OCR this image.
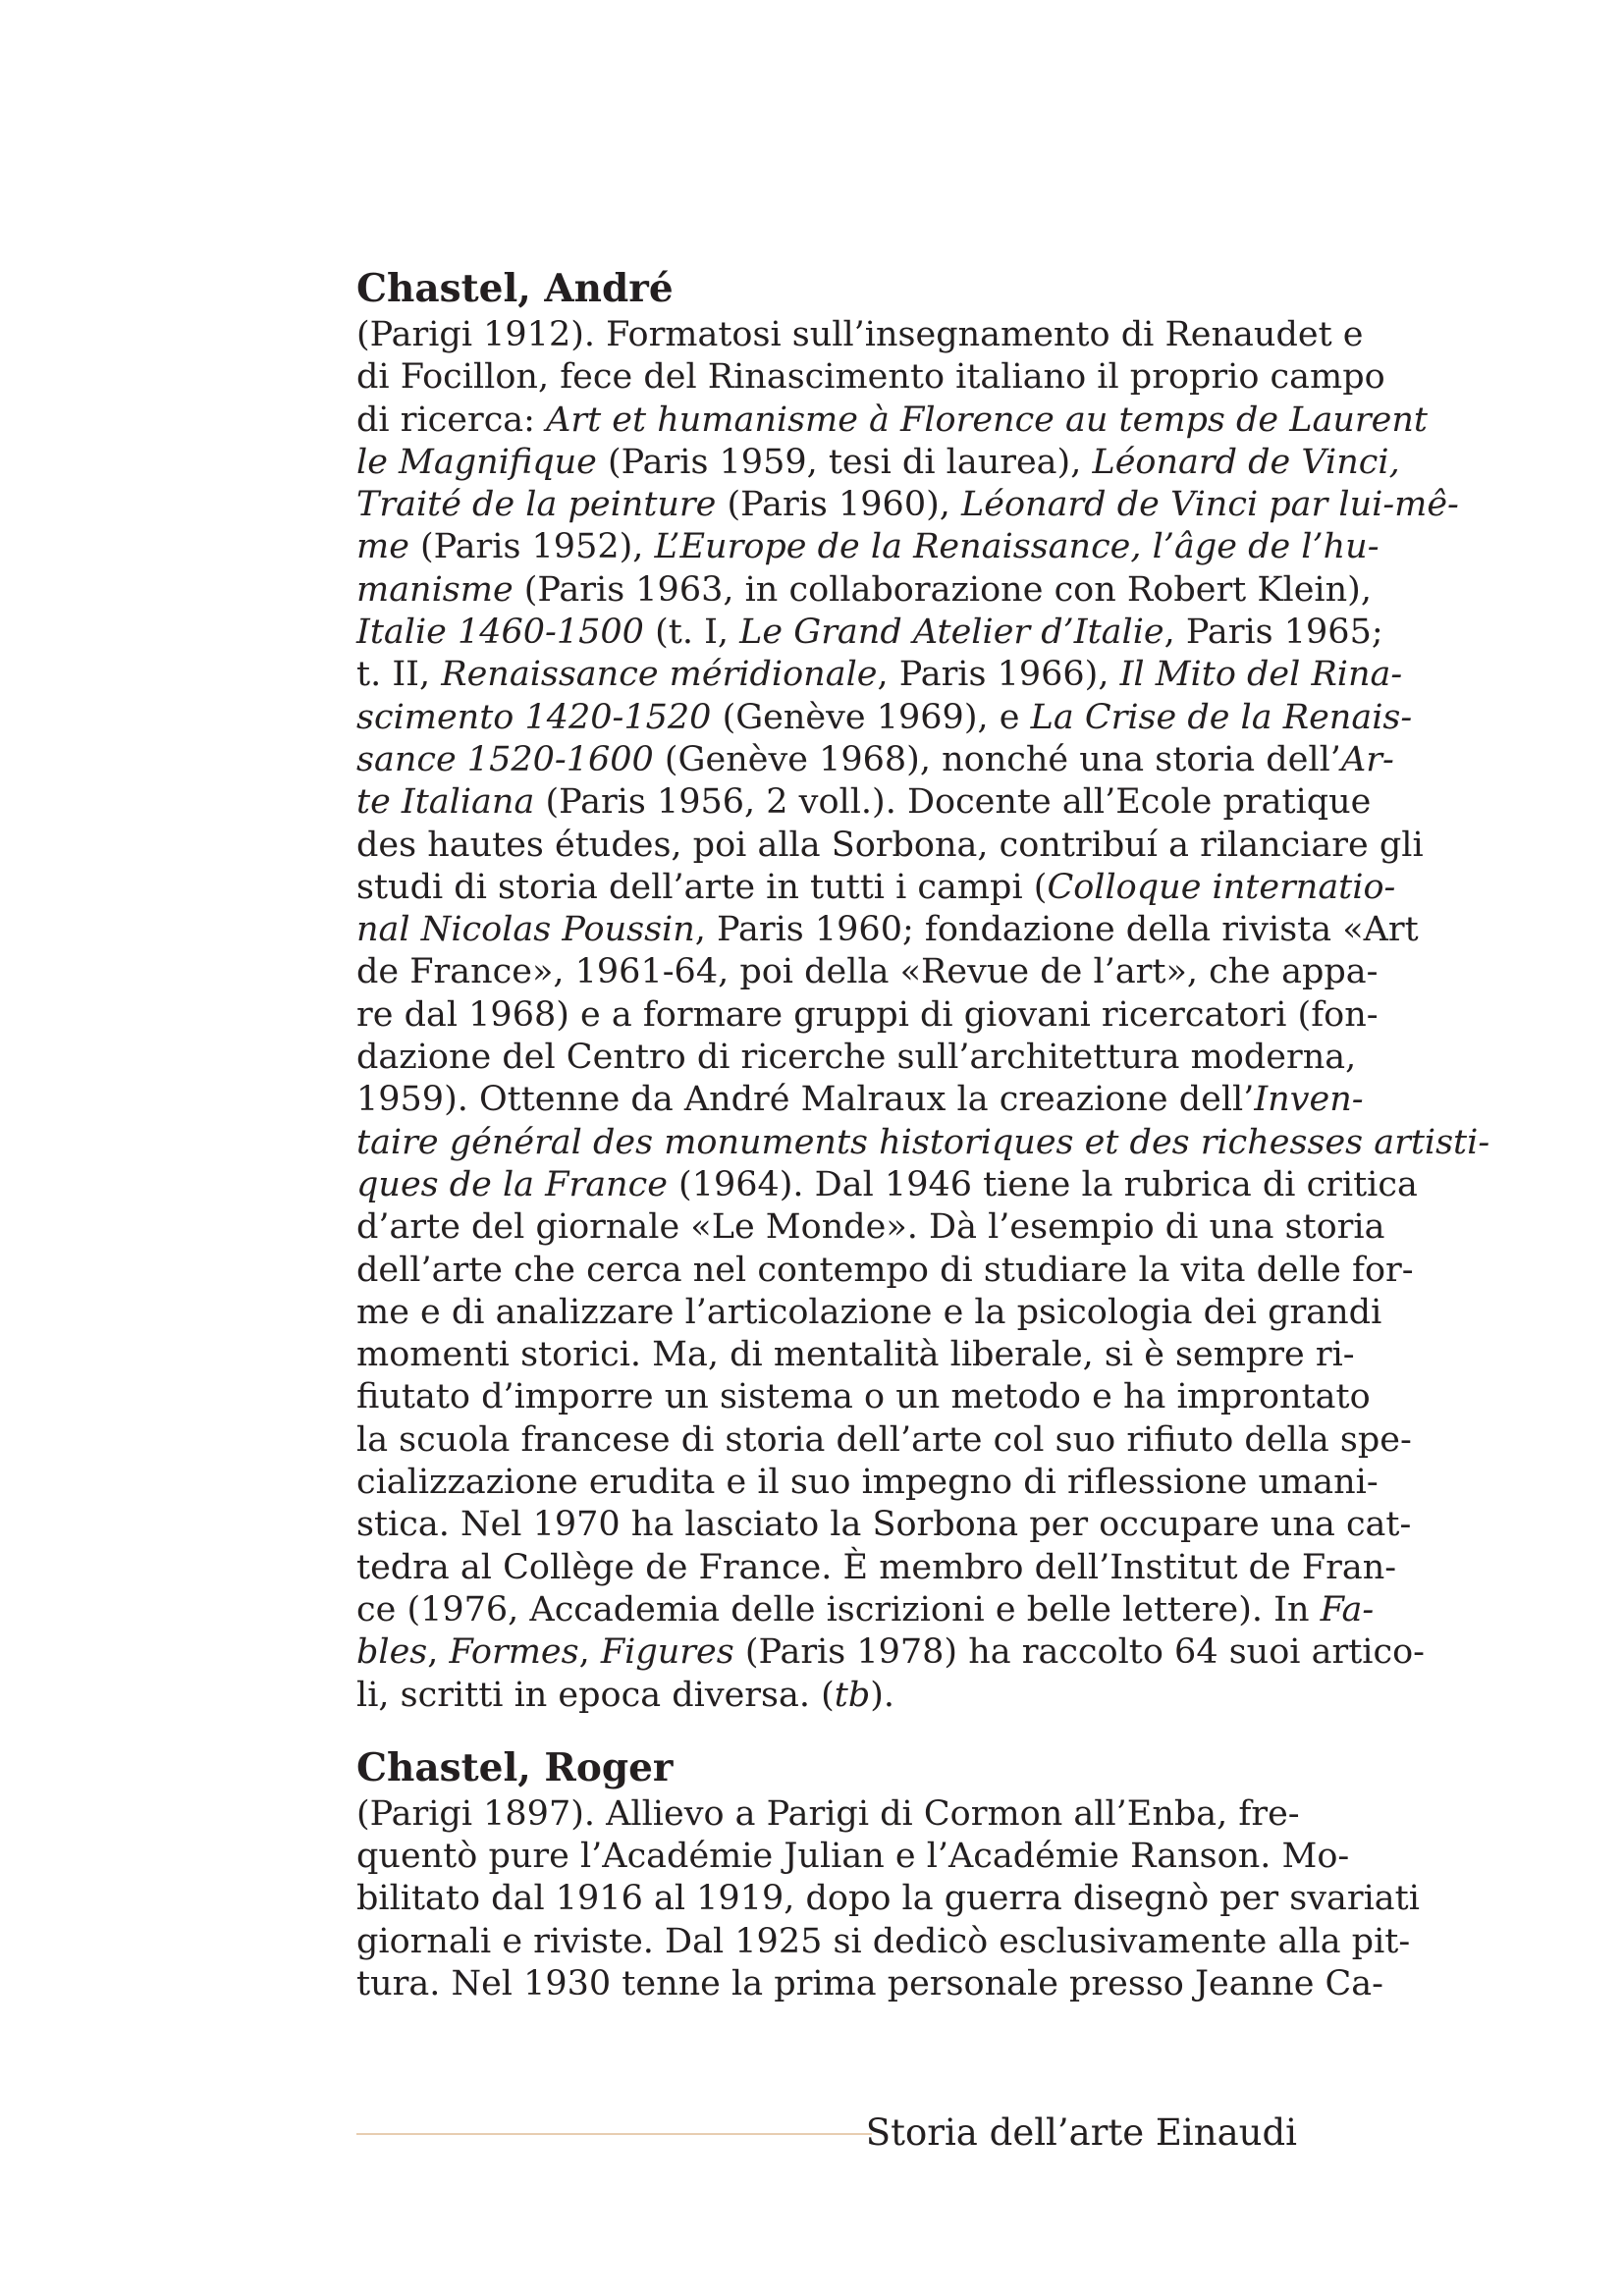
Chastel, André
(Parigi 1912). Formatosi sull’insegnamento di Renaudet e
di Focillon, fece del Rinascimento italiano il proprio campo
di ricerca: Art et humanisme à Florence au temps de Laurent
le Magnifique (Paris 1959, tesi di laurea), Léonard de Vinci,
Traité de la peinture (Paris 1960), Léonard de Vinci par lui-mê-
me (Paris 1952), L’Europe de la Renaissance, l’âge de l’hu-
manisme (Paris 1963, in collaborazione con Robert Klein),
Italie 1460-1500 (t. I, Le Grand Atelier d’Italie, Paris 1965;
t. II, Renaissance méridionale, Paris 1966), Il Mito del Rina-
scimento 1420-1520 (Genève 1969), e La Crise de la Renais-
sance 1520-1600 (Genève 1968), nonché una storia dell’Ar-
te Italiana (Paris 1956, 2 voll.). Docente all’Ecole pratique
des hautes études, poi alla Sorbona, contribuí a rilanciare gli
studi di storia dell’arte in tutti i campi (Colloque internatio-
nal Nicolas Poussin, Paris 1960; fondazione della rivista «Art
de France», 1961-64, poi della «Revue de l’art», che appa-
re dal 1968) e a formare gruppi di giovani ricercatori (fon-
dazione del Centro di ricerche sull’architettura moderna,
1959). Ottenne da André Malraux la creazione dell’Inven-
taire général des monuments historiques et des richesses artisti-
ques de la France (1964). Dal 1946 tiene la rubrica di critica
d’arte del giornale «Le Monde». Dà l’esempio di una storia
dell’arte che cerca nel contempo di studiare la vita delle for-
me e di analizzare l’articolazione e la psicologia dei grandi
momenti storici. Ma, di mentalità liberale, si è sempre ri-
fiutato d’imporre un sistema o un metodo e ha improntato
la scuola francese di storia dell’arte col suo rifiuto della spe-
cializzazione erudita e il suo impegno di riflessione umani-
stica. Nel 1970 ha lasciato la Sorbona per occupare una cat-
tedra al Collège de France. È membro dell’Institut de Fran-
ce (1976, Accademia delle iscrizioni e belle lettere). In Fa-
bles, Formes, Figures (Paris 1978) ha raccolto 64 suoi artico-
li, scritti in epoca diversa. (tb).
Chastel, Roger
(Parigi 1897). Allievo a Parigi di Cormon all’Enba, fre-
quentò pure l’Académie Julian e l’Académie Ranson. Mo-
bilitato dal 1916 al 1919, dopo la guerra disegnò per svariati
giornali e riviste. Dal 1925 si dedicò esclusivamente alla pit-
tura. Nel 1930 tenne la prima personale presso Jeanne Ca-
Storia dell’arte Einaudi
